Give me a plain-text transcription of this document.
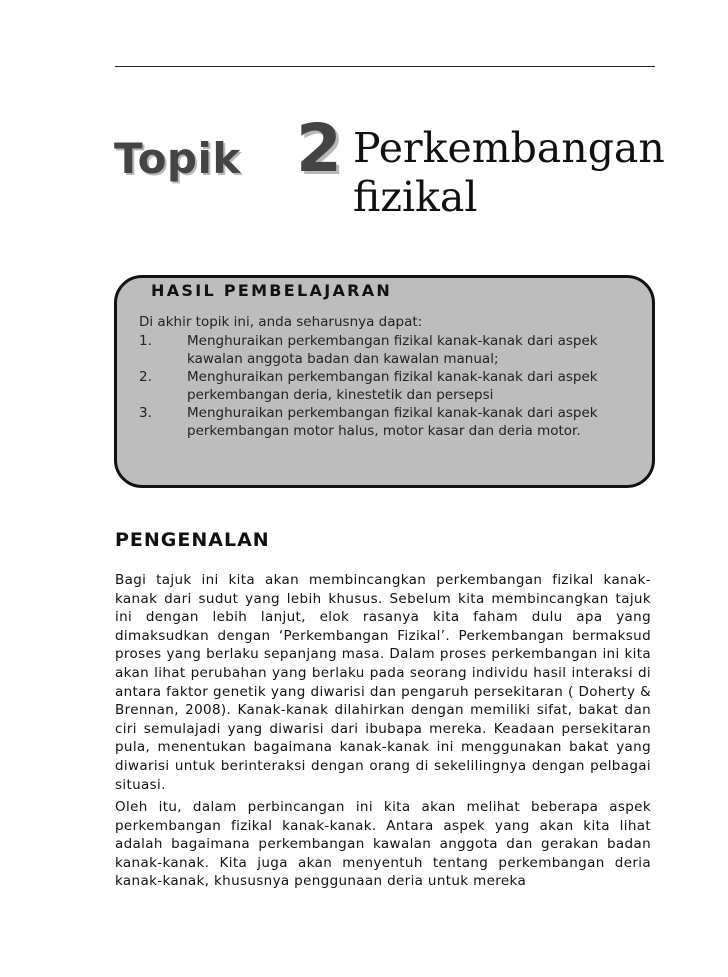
Topik 2 Perkembangan
fizikal
HASIL PEMBELAJARAN
Di akhir topik ini, anda seharusnya dapat:
1.	Menghuraikan perkembangan fizikal kanak-kanak dari aspek kawalan anggota badan dan kawalan manual;
2.	Menghuraikan perkembangan fizikal kanak-kanak dari aspek perkembangan deria, kinestetik dan persepsi
3.	Menghuraikan perkembangan fizikal kanak-kanak dari aspek perkembangan motor halus, motor kasar dan deria motor.
PENGENALAN
Bagi tajuk ini kita akan membincangkan perkembangan fizikal kanak-kanak dari sudut yang lebih khusus. Sebelum kita membincangkan tajuk ini dengan lebih lanjut, elok rasanya kita faham dulu apa yang dimaksudkan dengan ‘Perkembangan Fizikal’. Perkembangan bermaksud proses yang berlaku sepanjang masa. Dalam proses perkembangan ini kita akan lihat perubahan yang berlaku pada seorang individu hasil interaksi di antara faktor genetik yang diwarisi dan pengaruh persekitaran ( Doherty & Brennan, 2008). Kanak-kanak dilahirkan dengan memiliki sifat, bakat dan ciri semulajadi yang diwarisi dari ibubapa mereka. Keadaan persekitaran pula, menentukan bagaimana kanak-kanak ini menggunakan bakat yang diwarisi untuk berinteraksi dengan orang di sekelilingnya dengan pelbagai situasi.
Oleh itu, dalam perbincangan ini kita akan melihat beberapa aspek perkembangan fizikal kanak-kanak. Antara aspek yang akan kita lihat adalah bagaimana perkembangan kawalan anggota dan gerakan badan kanak-kanak. Kita juga akan menyentuh tentang perkembangan deria kanak-kanak, khususnya penggunaan deria untuk mereka
